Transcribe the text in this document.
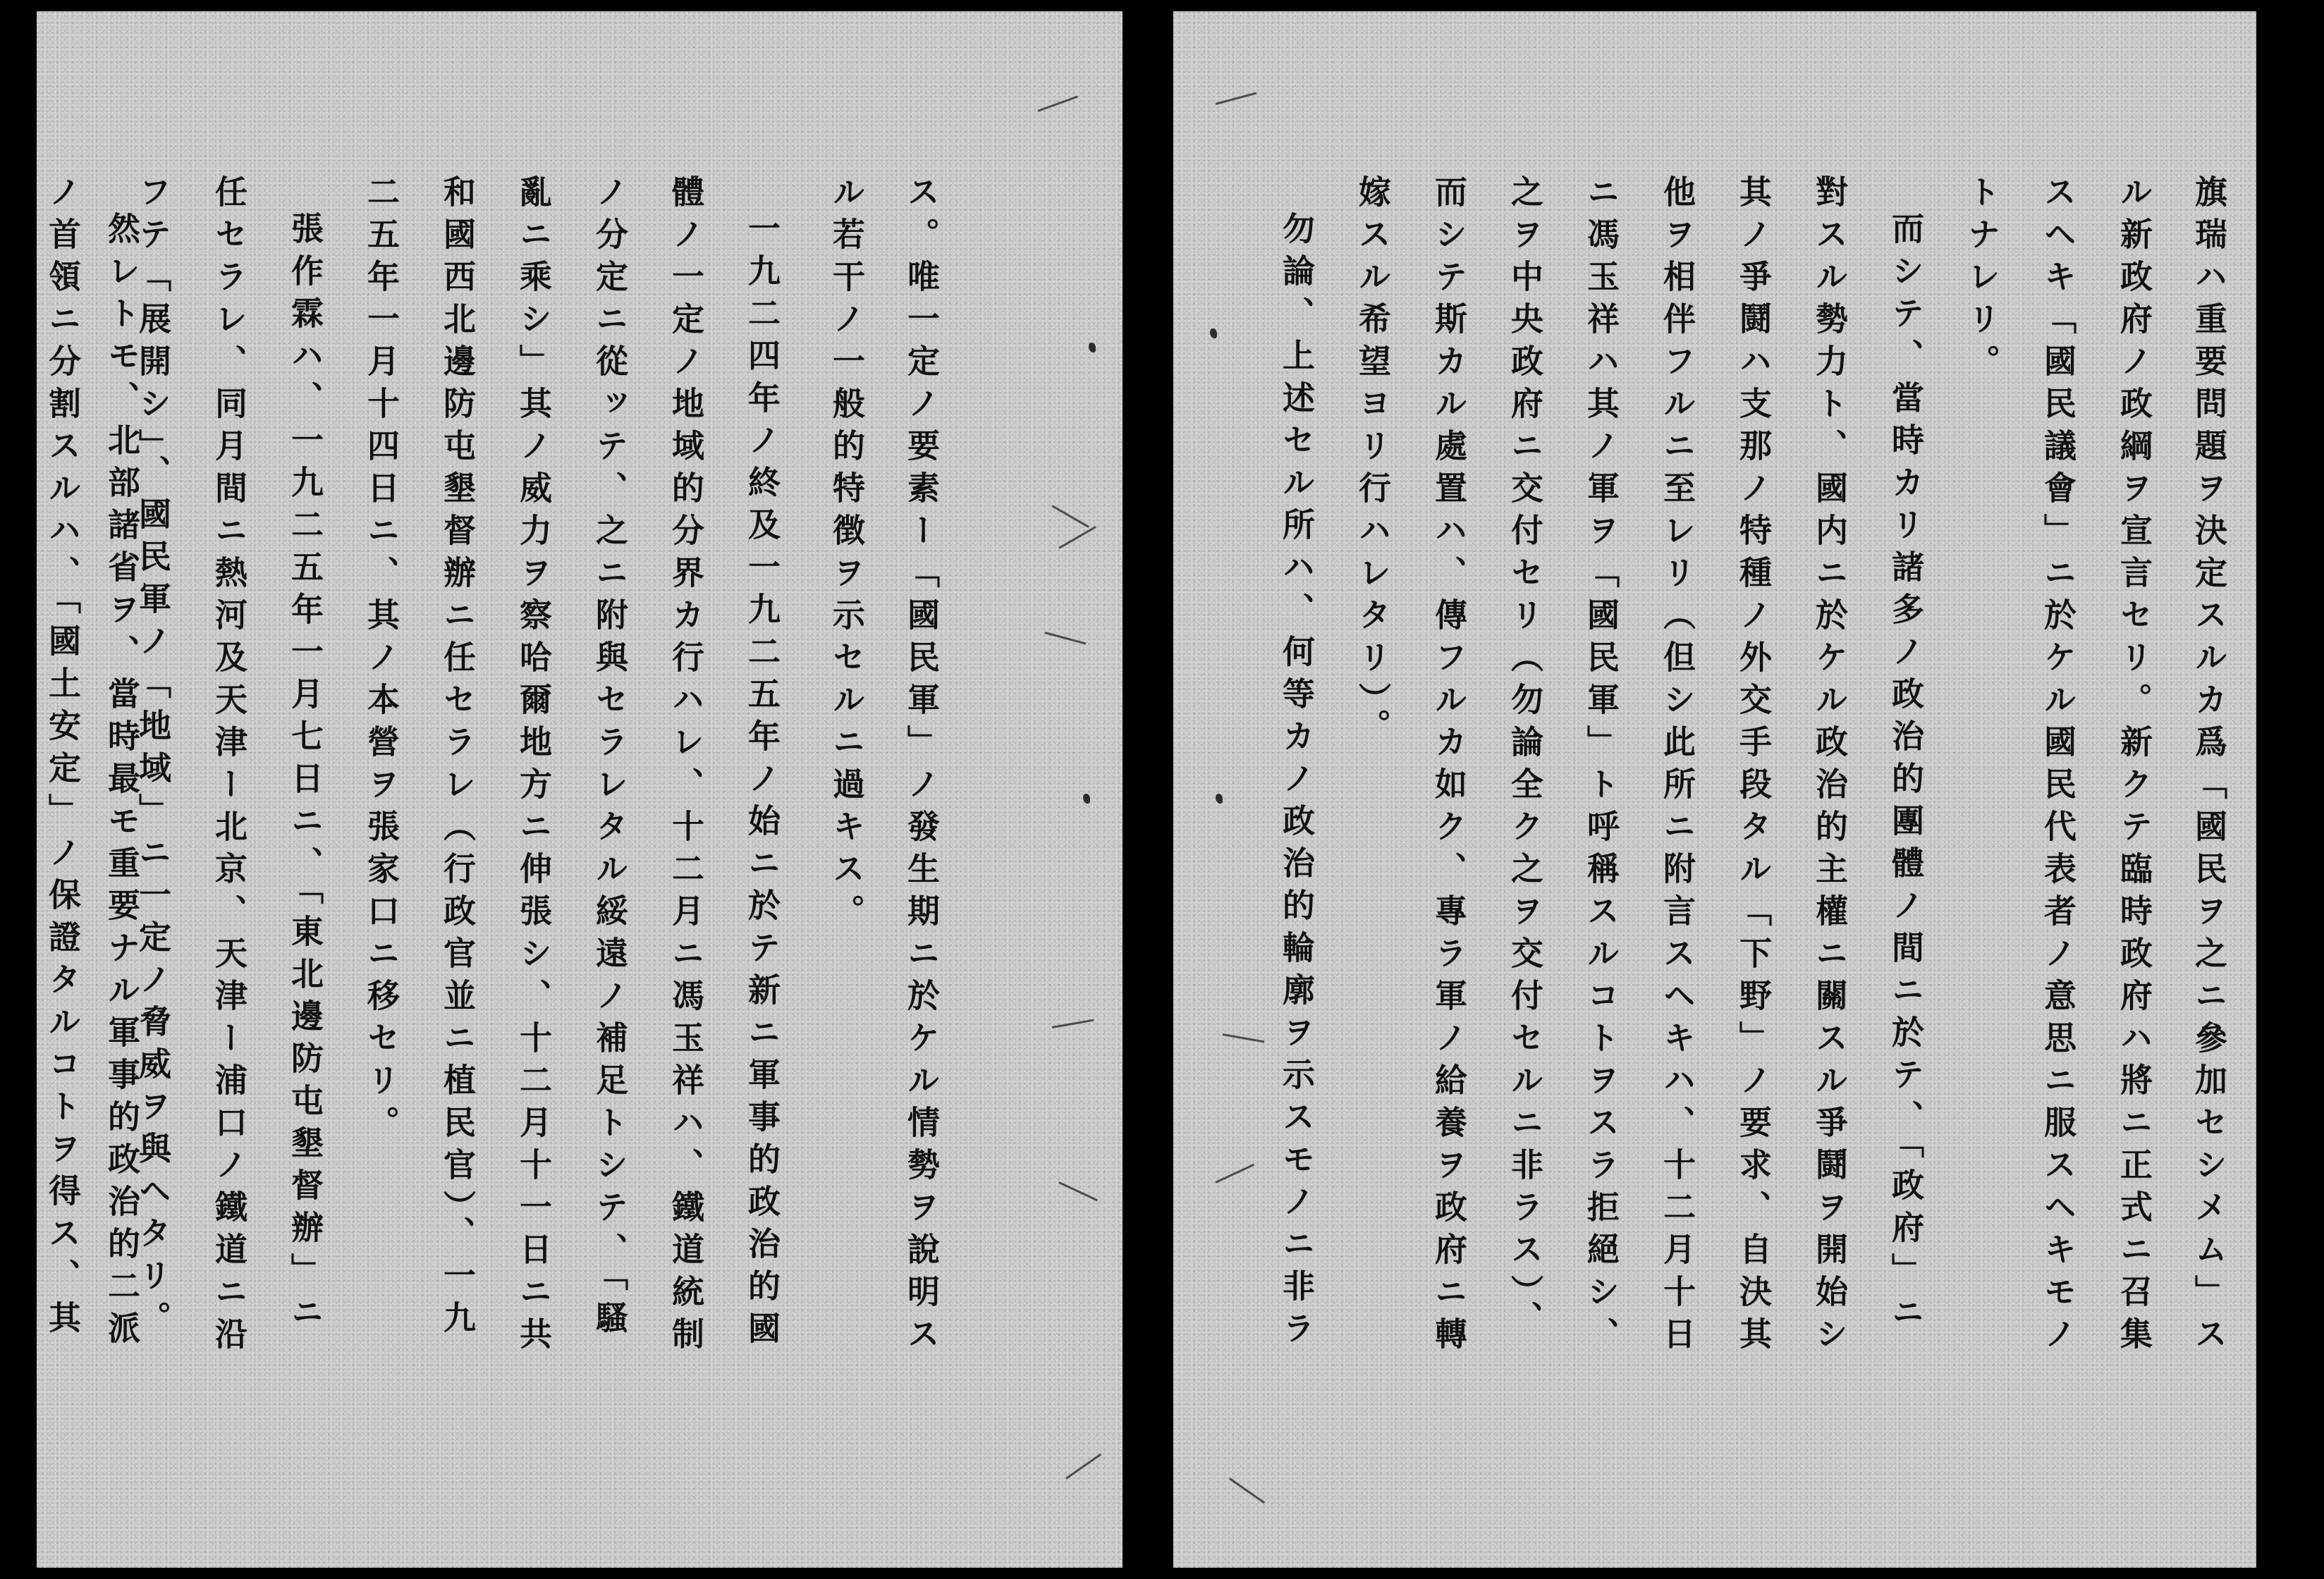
ス。唯一定ノ要素ー「國民軍」ノ發生期ニ於ケル情勢ヲ說明ス
ル若干ノ一般的特徴ヲ示セルニ過キス。
一九二四年ノ終及一九二五年ノ始ニ於テ新ニ軍事的政治的國
體ノ一定ノ地域的分界カ行ハレ、十二月ニ馮玉祥ハ、鐵道統制
ノ分定ニ從ッテ、之ニ附與セラレタル綏遠ノ補足トシテ、「騷
亂ニ乘シ」其ノ威力ヲ察哈爾地方ニ伸張シ、十二月十一日ニ共
和國西北邊防屯墾督辦ニ任セラレ（行政官並ニ植民官）、一九
二五年一月十四日ニ、其ノ本營ヲ張家口ニ移セリ。
張作霖ハ、一九二五年一月七日ニ、「東北邊防屯墾督辦」ニ
任セラレ、同月間ニ熱河及天津ー北京、天津ー浦口ノ鐵道ニ沿
フテ「展開シ」、國民軍ノ「地域」ニ一定ノ脅威ヲ與ヘタリ。
然レトモ、北部諸省ヲ、當時最モ重要ナル軍事的政治的二派
ノ首領ニ分割スルハ、「國土安定」ノ保證タルコトヲ得ス、其	旗瑞ハ重要問題ヲ決定スルカ爲「國民ヲ之ニ參加セシメム」ス
ル新政府ノ政綱ヲ宣言セリ。新クテ臨時政府ハ將ニ正式ニ召集
スヘキ「國民議會」ニ於ケル國民代表者ノ意思ニ服スヘキモノ
トナレリ。
而シテ、當時カリ諸多ノ政治的團體ノ間ニ於テ、「政府」ニ
對スル勢力ト、國内ニ於ケル政治的主權ニ關スル爭鬪ヲ開始シ
其ノ爭鬪ハ支那ノ特種ノ外交手段タル「下野」ノ要求、自決其
他ヲ相伴フルニ至レリ（但シ此所ニ附言スヘキハ、十二月十日
ニ馮玉祥ハ其ノ軍ヲ「國民軍」ト呼稱スルコトヲスラ拒絕シ、
之ヲ中央政府ニ交付セリ（勿論全ク之ヲ交付セルニ非ラス）、
而シテ斯カル處置ハ、傳フルカ如ク、專ラ軍ノ給養ヲ政府ニ轉
嫁スル希望ヨリ行ハレタリ）。
勿論、上述セル所ハ、何等カノ政治的輪廓ヲ示スモノニ非ラ
